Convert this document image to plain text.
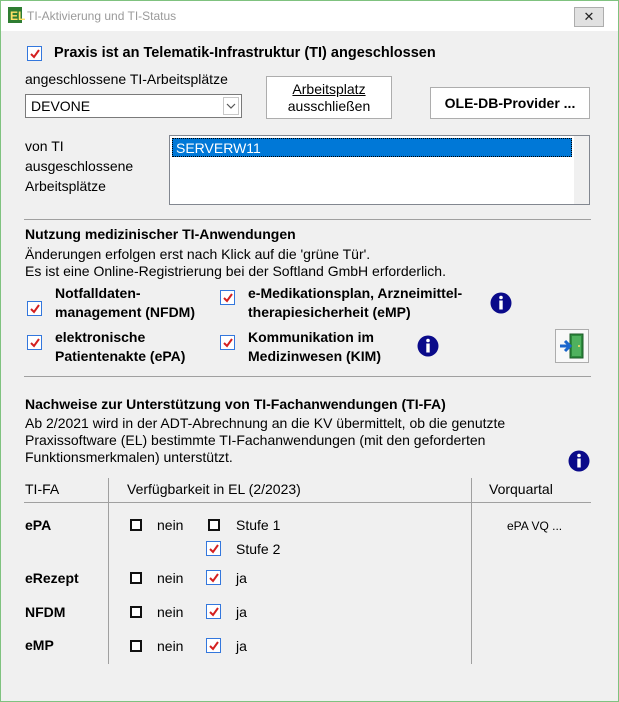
EL TI-Aktivierung und TI-Status	✕
Praxis ist an Telematik-Infrastruktur (TI) angeschlossen
angeschlossene TI-Arbeitsplätze
DEVONE
Arbeitsplatz
ausschließen	OLE-DB-Provider ...
von TI
ausgeschlossene
Arbeitsplätze
SERVERW11
Nutzung medizinischer TI-Anwendungen
Änderungen erfolgen erst nach Klick auf die 'grüne Tür'.
Es ist eine Online-Registrierung bei der Softland GmbH erforderlich.
Notfalldaten-
management (NFDM)
e-Medikationsplan, Arzneimittel-
therapiesicherheit (eMP)
elektronische
Patientenakte (ePA)
Kommunikation im
Medizinwesen (KIM)
Nachweise zur Unterstützung von TI-Fachanwendungen (TI-FA)
Ab 2/2021 wird in der ADT-Abrechnung an die KV übermittelt, ob die genutzte
Praxissoftware (EL) bestimmte TI-Fachanwendungen (mit den geforderten
Funktionsmerkmalen) unterstützt.
TI-FA	Verfügbarkeit in EL (2/2023)	Vorquartal
ePA	nein	Stufe 1
Stufe 2
ePA VQ ...
eRezept	nein	ja
NFDM	nein	ja
eMP	nein	ja
